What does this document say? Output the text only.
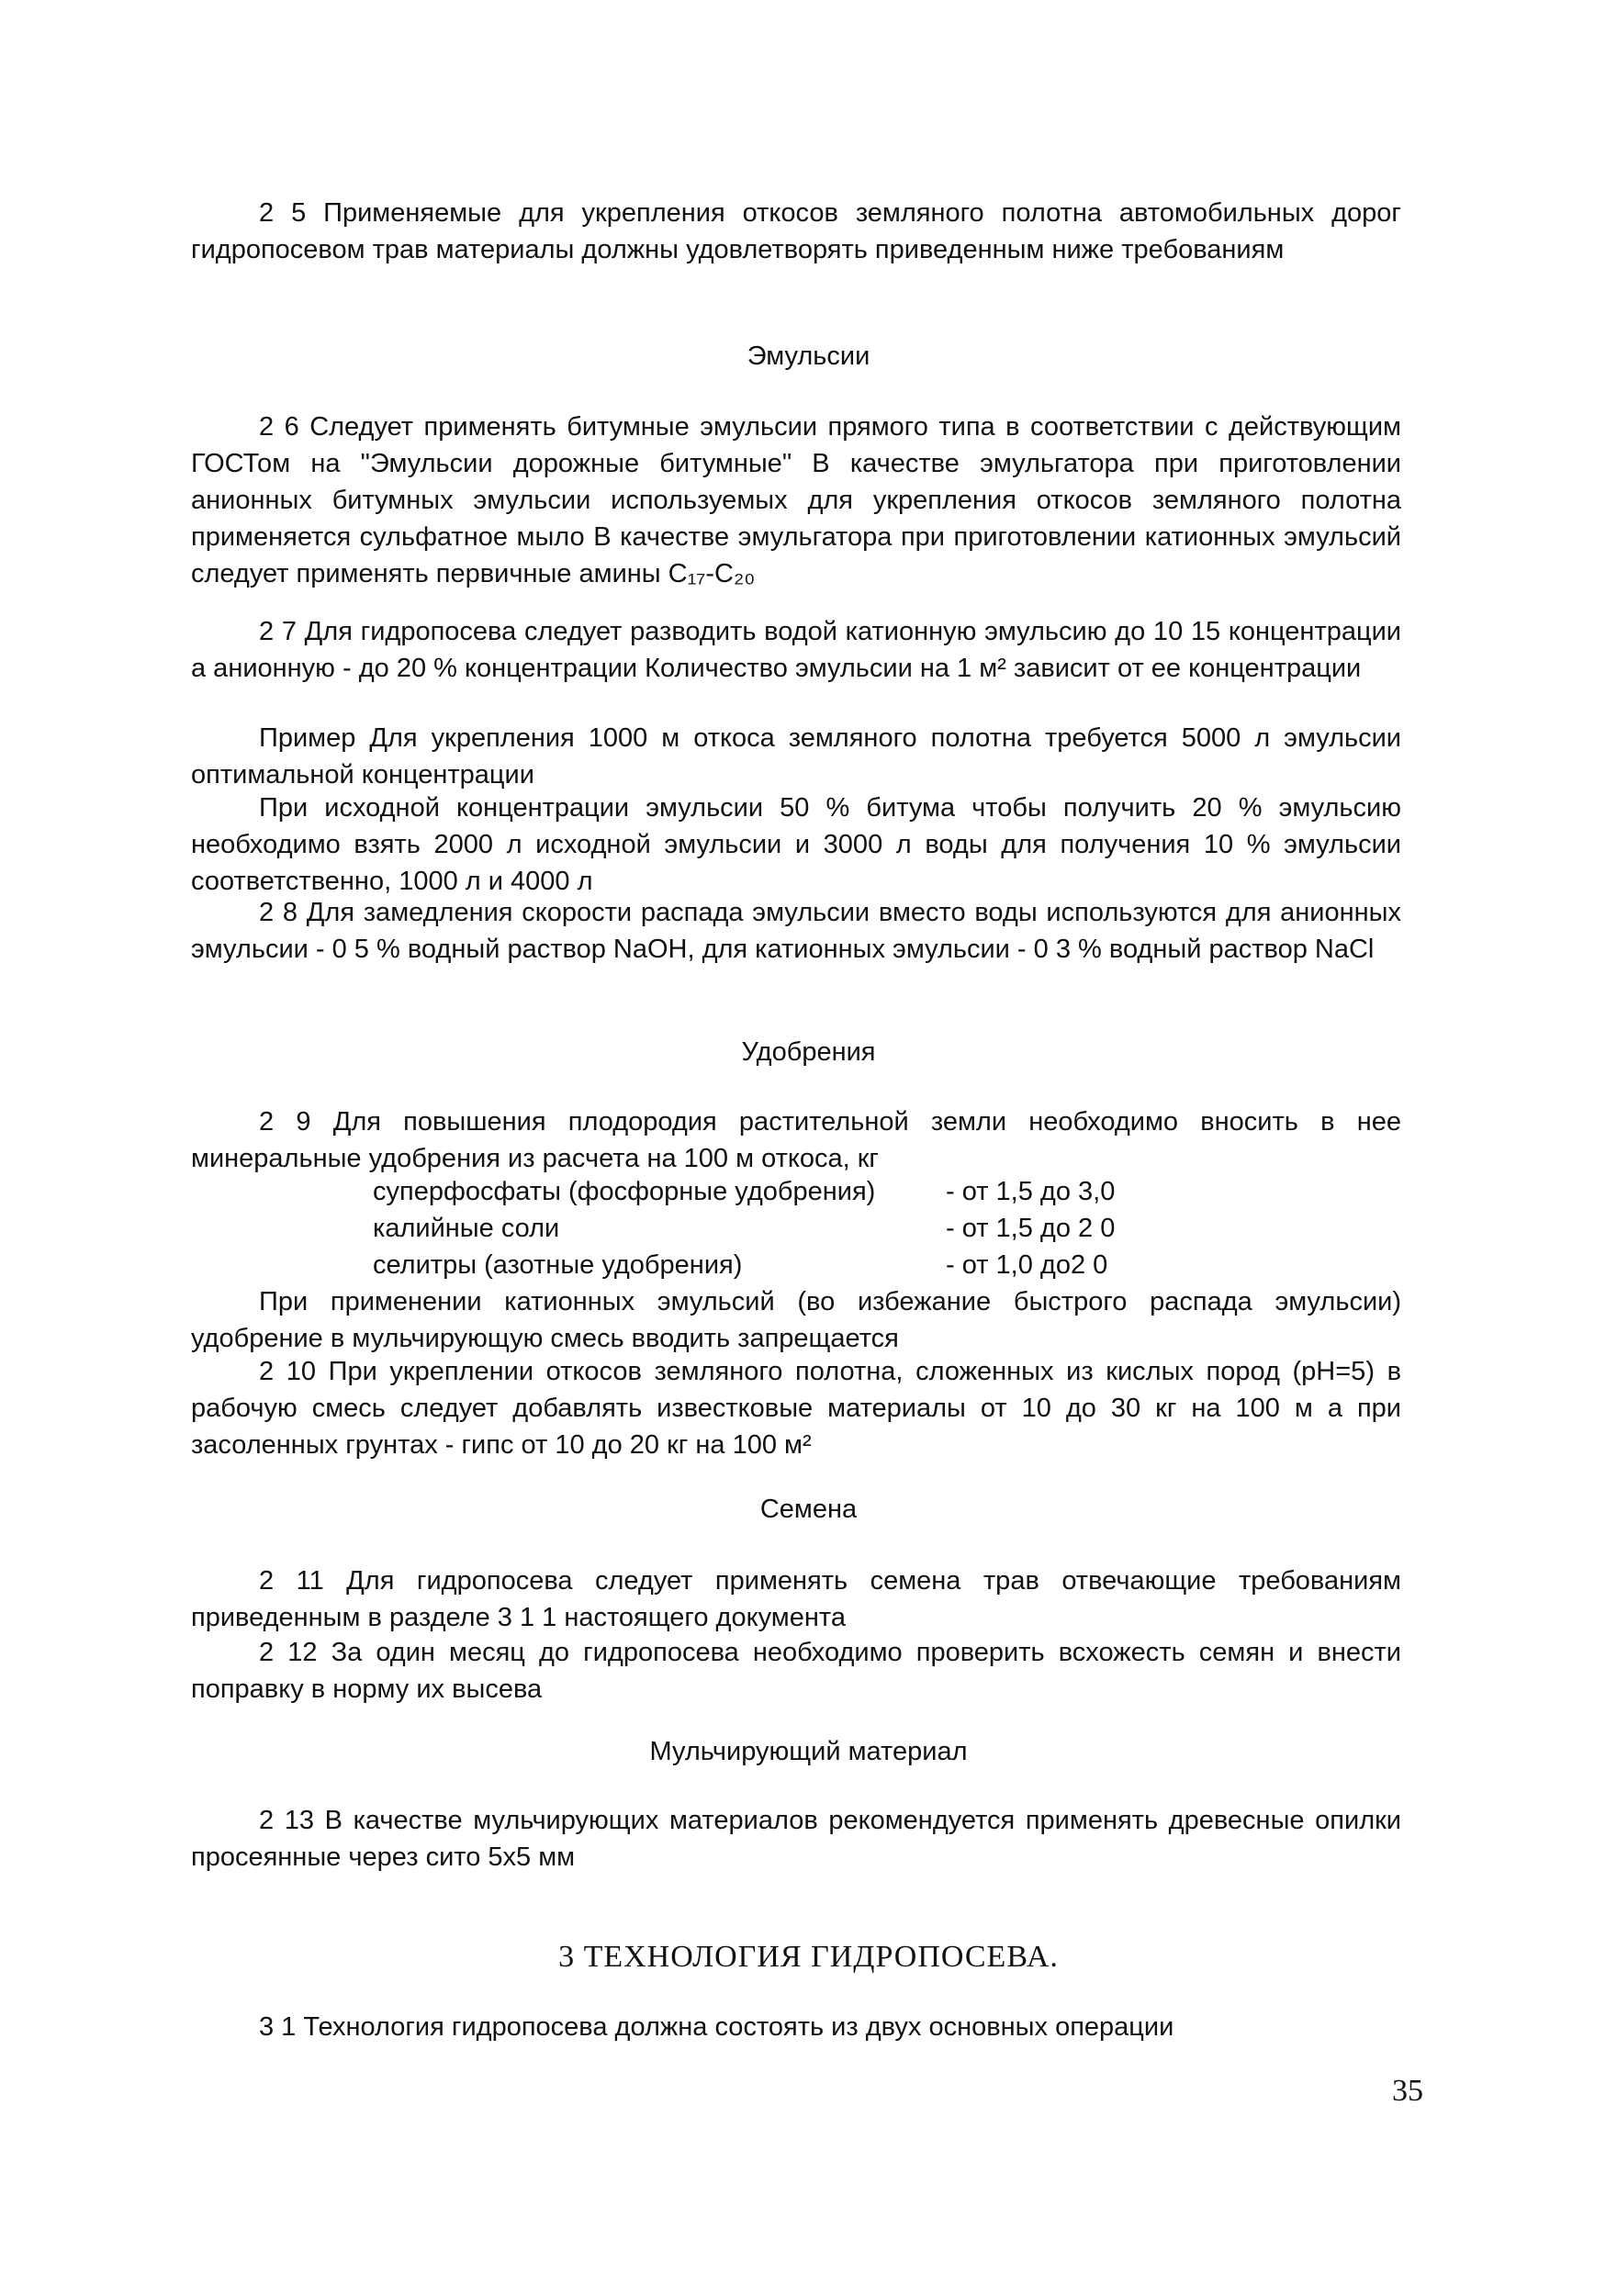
2 5 Применяемые для укрепления откосов земляного полотна автомобильных дорог гидропосевом трав материалы должны удовлетворять приведенным ниже требованиям
Эмульсии
2 6 Следует применять битумные эмульсии прямого типа в соответствии с действующим ГОСТом на "Эмульсии дорожные битумные" В качестве эмульгатора при приготовлении анионных битумных эмульсии используемых для укрепления откосов земляного полотна применяется сульфатное мыло В качестве эмульгатора при приготовлении катионных эмульсий следует применять первичные амины C₁₇-C₂₀
2 7 Для гидропосева следует разводить водой катионную эмульсию до 10 15 концентрации а анионную - до 20 % концентрации Количество эмульсии на 1 м² зависит от ее концентрации
Пример Для укрепления 1000 м откоса земляного полотна требуется 5000 л эмульсии оптимальной концентрации
При исходной концентрации эмульсии 50 % битума чтобы получить 20 % эмульсию необходимо взять 2000 л исходной эмульсии и 3000 л воды для получения 10 % эмульсии соответственно, 1000 л и 4000 л
2 8 Для замедления скорости распада эмульсии вместо воды используются для анионных эмульсии - 0 5 % водный раствор NaOH, для катионных эмульсии - 0 3 % водный раствор NaCl
Удобрения
2 9 Для повышения плодородия растительной земли необходимо вносить в нее минеральные удобрения из расчета на 100 м откоса, кг
суперфосфаты (фосфорные удобрения)	- от 1,5 до 3,0
калийные соли	- от 1,5 до 2 0
селитры (азотные удобрения)	- от 1,0 до2 0
При применении катионных эмульсий (во избежание быстрого распада эмульсии) удобрение в мульчирующую смесь вводить запрещается
2 10 При укреплении откосов земляного полотна, сложенных из кислых пород (pH=5) в рабочую смесь следует добавлять известковые материалы от 10 до 30 кг на 100 м а при засоленных грунтах - гипс от 10 до 20 кг на 100 м²
Семена
2 11 Для гидропосева следует применять семена трав отвечающие требованиям приведенным в разделе 3 1 1 настоящего документа
2 12 За один месяц до гидропосева необходимо проверить всхожесть семян и внести поправку в норму их высева
Мульчирующий материал
2 13 В качестве мульчирующих материалов рекомендуется применять древесные опилки просеянные через сито 5х5 мм
3 ТЕХНОЛОГИЯ ГИДРОПОСЕВА.
3 1 Технология гидропосева должна состоять из двух основных операции
35
